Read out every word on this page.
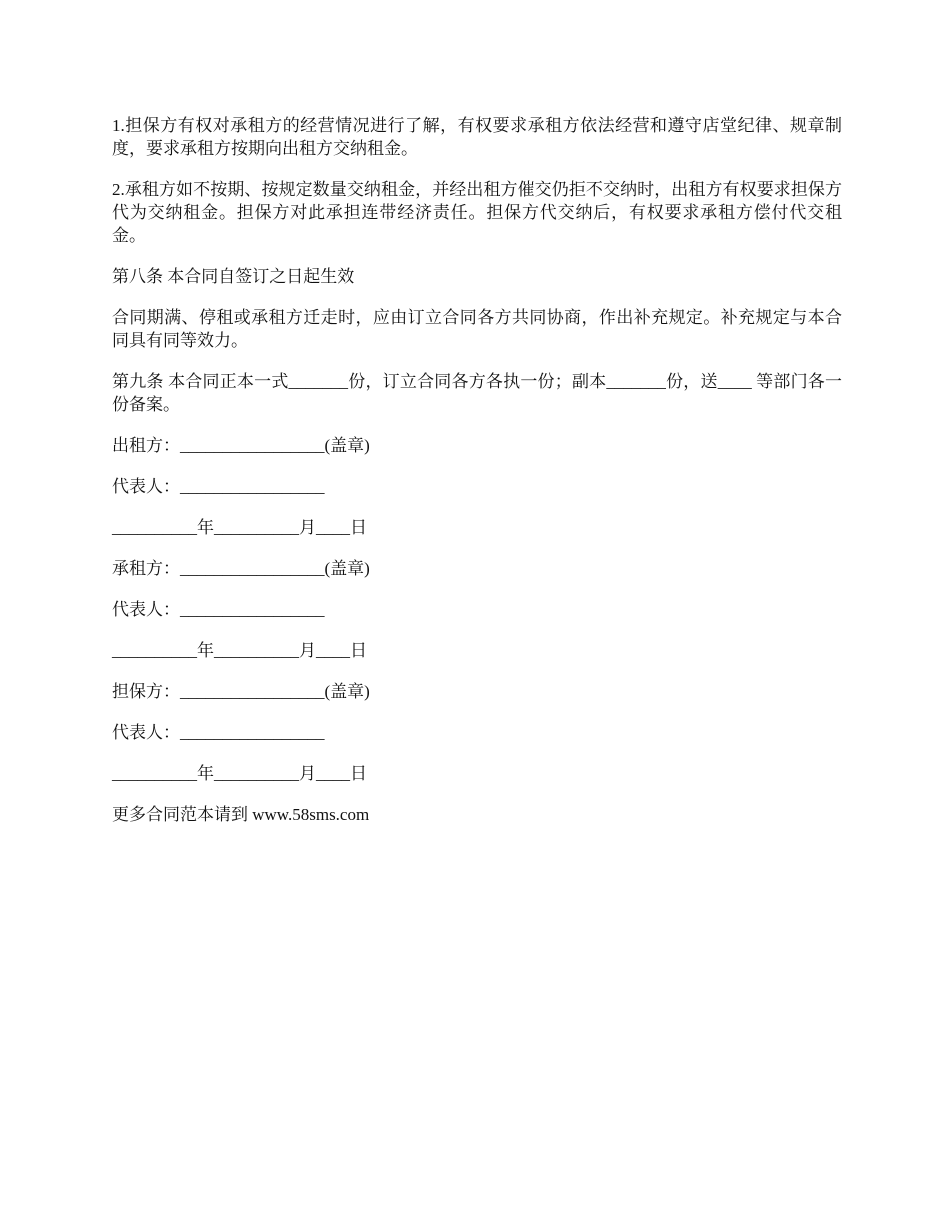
1.担保方有权对承租方的经营情况进行了解，有权要求承租方依法经营和遵守店堂纪律、规章制度，要求承租方按期向出租方交纳租金。

2.承租方如不按期、按规定数量交纳租金，并经出租方催交仍拒不交纳时，出租方有权要求担保方代为交纳租金。担保方对此承担连带经济责任。担保方代交纳后，有权要求承租方偿付代交租金。

第八条 本合同自签订之日起生效

合同期满、停租或承租方迁走时，应由订立合同各方共同协商，作出补充规定。补充规定与本合同具有同等效力。

第九条 本合同正本一式_______份，订立合同各方各执一份；副本_______份，送____ 等部门各一份备案。

出租方：_________________(盖章)

代表人：_________________

__________年__________月____日

承租方：_________________(盖章)

代表人：_________________

__________年__________月____日

担保方：_________________(盖章)

代表人：_________________

__________年__________月____日

更多合同范本请到 www.58sms.com
